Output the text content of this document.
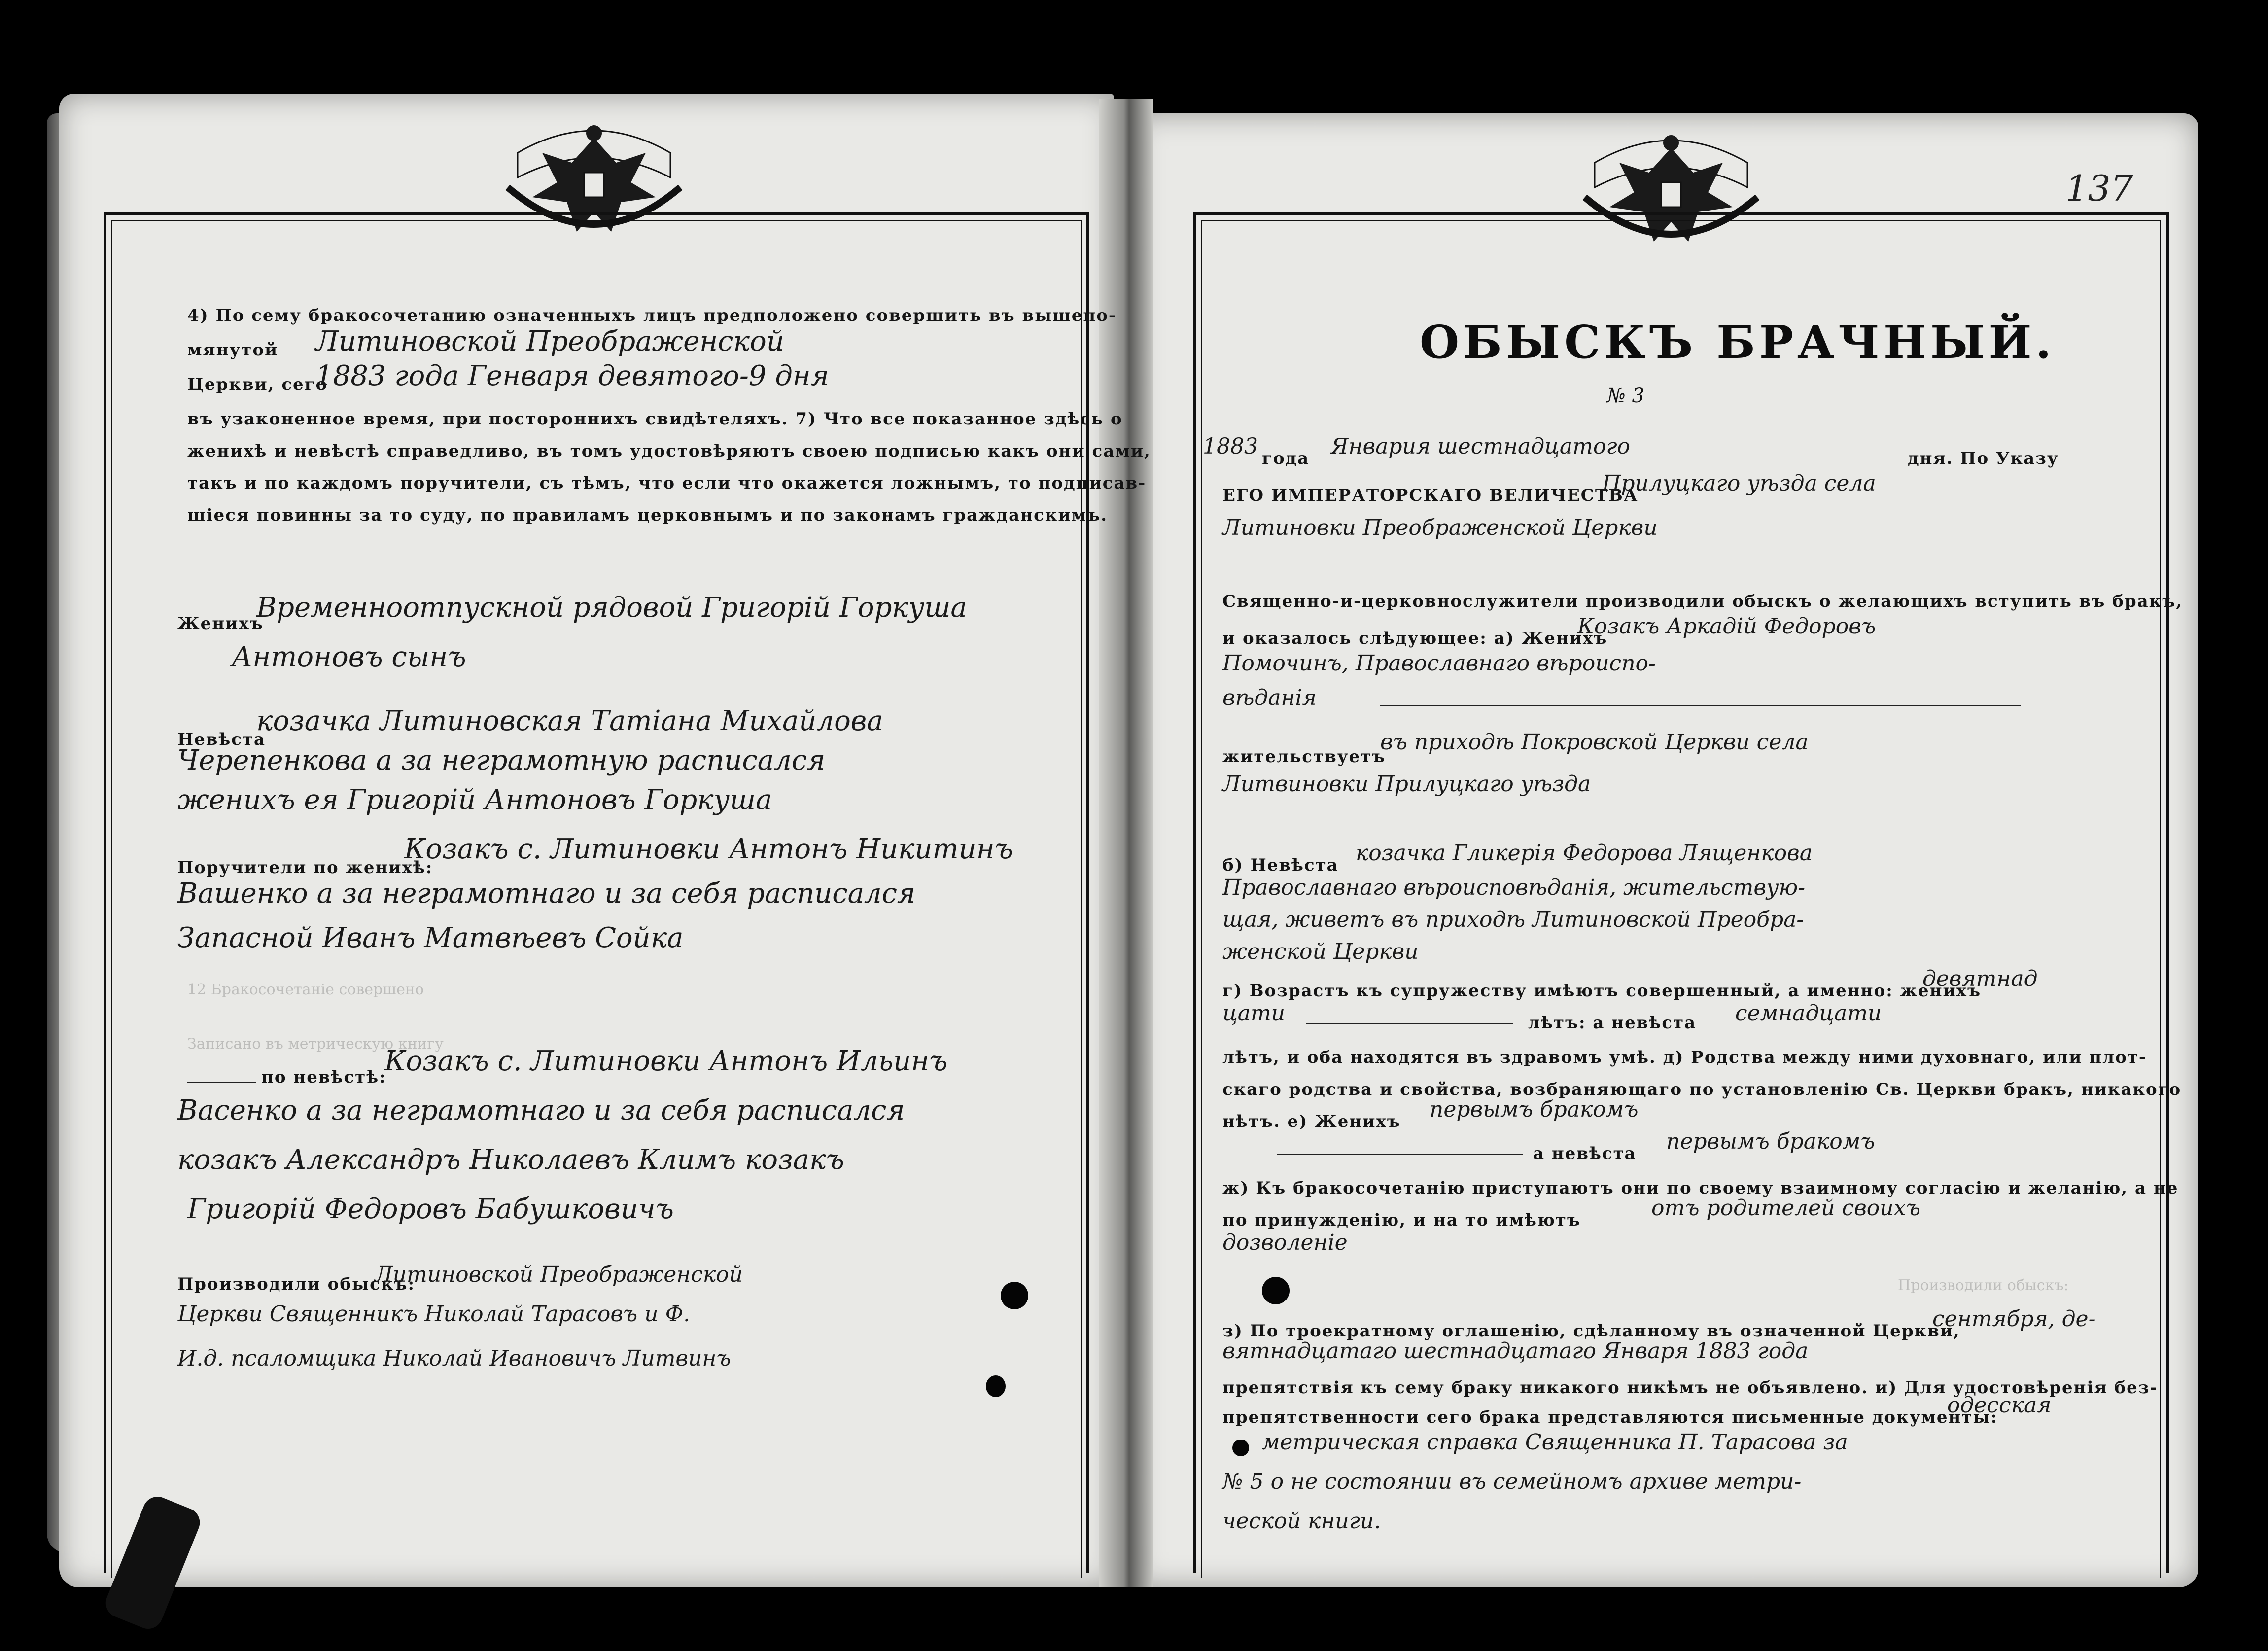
137
4) По сему бракосочетанию означенныхъ лицъ предположено совершить въ вышепо-
мянутой Литиновской Преображенской
Церкви, сего
1883 года Генваря девятого-9 дня
въ узаконенное время, при постороннихъ свидѣтеляхъ. 7) Что все показанное здѣсь о
женихѣ и невѣстѣ справедливо, въ томъ удостовѣряютъ своею подписью какъ они сами,
такъ и по каждомъ поручители, съ тѣмъ, что если что окажется ложнымъ, то подписав-
шіеся повинны за то суду, по правиламъ церковнымъ и по законамъ гражданскимъ.
Женихъ
Временноотпускной рядовой Григорій Горкуша
Антоновъ сынъ
Невѣста
козачка Литиновская Татіана Михайлова
Черепенкова а за неграмотную расписался
женихъ ея Григорій Антоновъ Горкуша
Поручители по женихѣ:
Козакъ с. Литиновки Антонъ Никитинъ
Вашенко а за неграмотнаго и за себя расписался
Запасной Иванъ Матвѣевъ Сойка
12 Бракосочетаніе совершено
Записано въ метрическую книгу
по невѣстѣ:
Козакъ с. Литиновки Антонъ Ильинъ
Васенко а за неграмотнаго и за себя расписался
козакъ Александръ Николаевъ Климъ козакъ
Григорій Федоровъ Бабушковичъ
Производили обыскъ:
Литиновской Преображенской
Церкви Священникъ Николай Тарасовъ и Ф.
И.д. псаломщика Николай Ивановичъ Литвинъ
ОБЫСКЪ БРАЧНЫЙ.
№ 3
1883 года Январия шестнадцатого	дня. По Указу
ЕГО ИМПЕРАТОРСКАГО ВЕЛИЧЕСТВА
Прилуцкаго уѣзда села
Литиновки Преображенской Церкви
Священно-и-церковнослужители производили обыскъ о желающихъ вступить въ бракъ,
и оказалось слѣдующее: а) Женихъ
Козакъ Аркадій Федоровъ
Помочинъ, Православнаго вѣроиспо-
вѣданія
жительствуетъ
въ приходѣ Покровской Церкви села
Литвиновки Прилуцкаго уѣзда
б) Невѣста козачка Гликерія Федорова Лященкова
Православнаго вѣроисповѣданія, жительствую-
щая, живетъ въ приходѣ Литиновской Преобра-
женской Церкви
г) Возрастъ къ супружеству имѣютъ совершенный, а именно: женихъ
девятнад
цати	лѣтъ: а невѣста семнадцати
лѣтъ, и оба находятся въ здравомъ умѣ. д) Родства между ними духовнаго, или плот-
скаго родства и свойства, возбраняющаго по установленію Св. Церкви бракъ, никакого
нѣтъ. е) Женихъ первымъ бракомъ
а невѣста первымъ бракомъ
ж) Къ бракосочетанію приступаютъ они по своему взаимному согласію и желанію, а не
по принужденію, и на то имѣютъ	отъ родителей своихъ
дозволеніе
Производили обыскъ:
з) По троекратному оглашенію, сдѣланному въ означенной Церкви,
сентября, де-
вятнадцатаго шестнадцатаго Января 1883 года
препятствія къ сему браку никакого никѣмъ не объявлено. и) Для удостовѣренія без-
препятственности сего брака представляются письменные документы:
одесская
метрическая справка Священника П. Тарасова за
№ 5 о не состоянии въ семейномъ архиве метри-
ческой книги.
